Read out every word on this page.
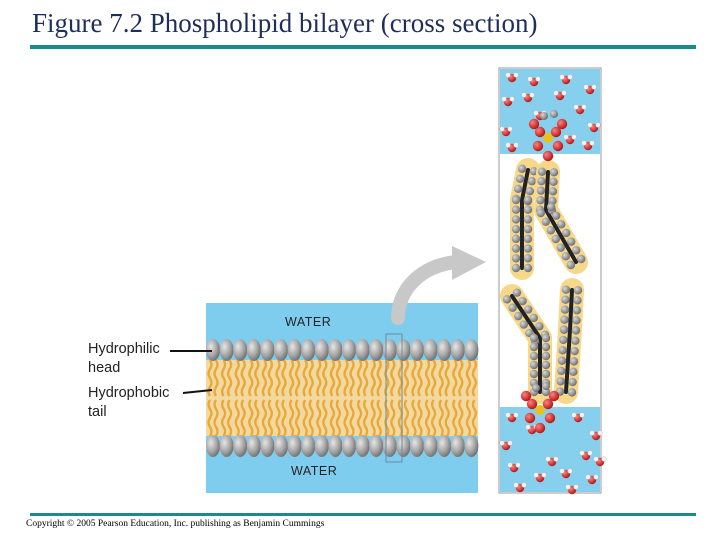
Figure 7.2 Phospholipid bilayer (cross section)
WATER
WATER
Hydrophilic
head
Hydrophobic
tail
Copyright © 2005 Pearson Education, Inc. publishing as Benjamin Cummings
